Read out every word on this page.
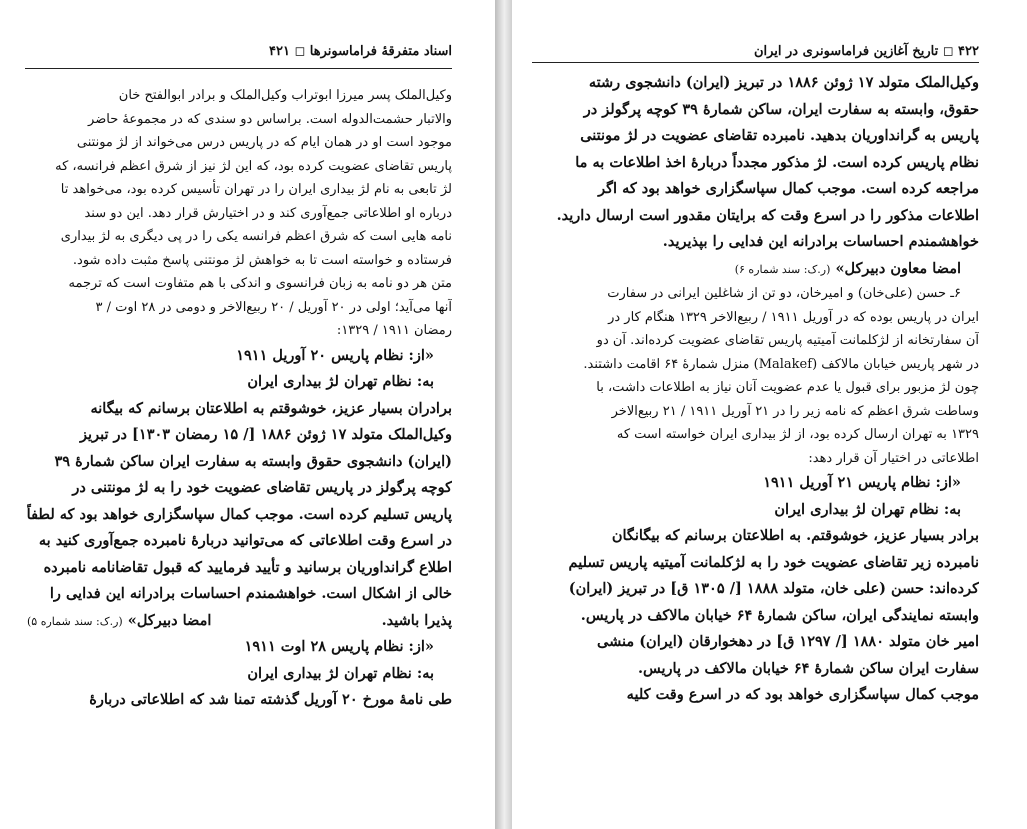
اسناد متفرقهٔ فراماسونرها ◻ ۴۲۱
وکیل‌الملک پسر میرزا ابوتراب وکیل‌الملک و برادر ابوالفتح خان
والاتبار حشمت‌الدوله است. براساس دو سندی که در مجموعهٔ حاضر
موجود است او در همان ایام که در پاریس درس می‌خواند از لژ مونتنی
پاریس تقاضای عضویت کرده بود، که این لژ نیز از شرق اعظم فرانسه، که
لژ تابعی به نام لژ بیداری ایران را در تهران تأسیس کرده بود، می‌خواهد تا
درباره او اطلاعاتی جمع‌آوری کند و در اختیارش قرار دهد. این دو سند
نامه هایی است که شرق اعظم فرانسه یکی را در پی دیگری به لژ بیداری
فرستاده و خواسته است تا به خواهش لژ مونتنی پاسخ مثبت داده شود.
متن هر دو نامه به زبان فرانسوی و اندکی با هم متفاوت است که ترجمه
آنها می‌آید؛ اولی در ۲۰ آوریل / ۲۰ ربیع‌الاخر و دومی در ۲۸ اوت / ۳
رمضان ۱۹۱۱ / ۱۳۲۹:
«از: نظام پاریس ۲۰ آوریل ۱۹۱۱
به: نظام تهران لژ بیداری ایران
برادران بسیار عزیز، خوشوقتم به اطلاعتان برسانم که بیگانه
وکیل‌الملک متولد ۱۷ ژوئن ۱۸۸۶ [/ ۱۵ رمضان ۱۳۰۳] در تبریز
(ایران) دانشجوی حقوق وابسته به سفارت ایران ساکن شمارهٔ ۳۹
کوچه پرگولز در پاریس تقاضای عضویت خود را به لژ مونتنی در
پاریس تسلیم کرده است. موجب کمال سپاسگزاری خواهد بود که لطفاً
در اسرع وقت اطلاعاتی که می‌توانید دربارهٔ نامبرده جمع‌آوری کنید به
اطلاع گرانداوریان برسانید و تأیید فرمایید که قبول تقاضانامه نامبرده
خالی از اشکال است. خواهشمندم احساسات برادرانه این فدایی را
پذیرا باشید.
امضا دبیرکل» (ر.ک: سند شماره ۵)
«از: نظام پاریس ۲۸ اوت ۱۹۱۱
به: نظام تهران لژ بیداری ایران
طی نامهٔ مورخ ۲۰ آوریل گذشته تمنا شد که اطلاعاتی دربارهٔ
۴۲۲ ◻ تاریخ آغازین فراماسونری در ایران
وکیل‌الملک متولد ۱۷ ژوئن ۱۸۸۶ در تبریز (ایران) دانشجوی رشته
حقوق، وابسته به سفارت ایران، ساکن شمارهٔ ۳۹ کوچه پرگولز در
پاریس به گرانداوریان بدهید. نامبرده تقاضای عضویت در لژ مونتنی
نظام پاریس کرده است. لژ مذکور مجدداً دربارهٔ اخذ اطلاعات به ما
مراجعه کرده است. موجب کمال سپاسگزاری خواهد بود که اگر
اطلاعات مذکور را در اسرع وقت که برایتان مقدور است ارسال دارید.
خواهشمندم احساسات برادرانه این فدایی را بپذیرید.
امضا معاون دبیرکل» (ر.ک: سند شماره ۶)
۶ـ حسن (علی‌خان) و امیرخان، دو تن از شاغلین ایرانی در سفارت
ایران در پاریس بوده که در آوریل ۱۹۱۱ / ربیع‌الاخر ۱۳۲۹ هنگام کار در
آن سفارتخانه از لژکلمانت آمیتیه پاریس تقاضای عضویت کرده‌اند. آن دو
در شهر پاریس خیابان مالاکف (Malakef) منزل شمارهٔ ۶۴ اقامت داشتند.
چون لژ مزبور برای قبول یا عدم عضویت آنان نیاز به اطلاعات داشت، با
وساطت شرق اعظم که نامه زیر را در ۲۱ آوریل ۱۹۱۱ / ۲۱ ربیع‌الاخر
۱۳۲۹ به تهران ارسال کرده بود، از لژ بیداری ایران خواسته است که
اطلاعاتی در اختیار آن قرار دهد:
«از: نظام پاریس ۲۱ آوریل ۱۹۱۱
به: نظام تهران لژ بیداری ایران
برادر بسیار عزیز، خوشوقتم. به اطلاعتان برسانم که بیگانگان
نامبرده زیر تقاضای عضویت خود را به لژکلمانت آمیتیه پاریس تسلیم
کرده‌اند: حسن (علی خان، متولد ۱۸۸۸ [/ ۱۳۰۵ ق] در تبریز (ایران)
وابسته نمایندگی ایران، ساکن شمارهٔ ۶۴ خیابان مالاکف در پاریس.
امیر خان متولد ۱۸۸۰ [/ ۱۲۹۷ ق] در دهخوارقان (ایران) منشی
سفارت ایران ساکن شمارهٔ ۶۴ خیابان مالاکف در پاریس.
موجب کمال سپاسگزاری خواهد بود که در اسرع وقت کلیه
